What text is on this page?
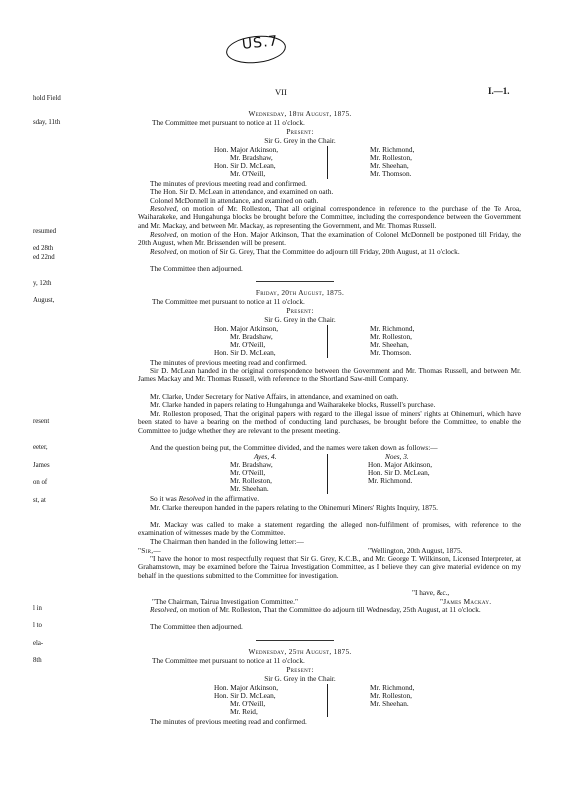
US.7
VII	I.—1.
hold Field
sday, 11th
resumed
ed 28th
ed 22nd
y, 12th
August,
resent
eeter,
James
on of
st, at
l in
l to
ela-
8th
Wednesday, 18th August, 1875.
The Committee met pursuant to notice at 11 o'clock.
Present:
Sir G. Grey in the Chair.
Hon. Major Atkinson,
Mr. Bradshaw,
Hon. Sir D. McLean,
Mr. O'Neill,
Mr. Richmond,
Mr. Rolleston,
Mr. Sheehan,
Mr. Thomson.
The minutes of previous meeting read and confirmed.
The Hon. Sir D. McLean in attendance, and examined on oath.
Colonel McDonnell in attendance, and examined on oath.
Resolved, on motion of Mr. Rolleston, That all original correspondence in reference to the purchase of the Te Aroa, Waiharakeke, and Hungahunga blocks be brought before the Committee, including the correspondence between the Government and Mr. Mackay, and between Mr. Mackay, as representing the Government, and Mr. Thomas Russell.
Resolved, on motion of the Hon. Major Atkinson, That the examination of Colonel McDonnell be postponed till Friday, the 20th August, when Mr. Brissenden will be present.
Resolved, on motion of Sir G. Grey, That the Committee do adjourn till Friday, 20th August, at 11 o'clock.
The Committee then adjourned.
Friday, 20th August, 1875.
The Committee met pursuant to notice at 11 o'clock.
Present:
Sir G. Grey in the Chair.
Hon. Major Atkinson,
Mr. Bradshaw,
Mr. O'Neill,
Hon. Sir D. McLean,
Mr. Richmond,
Mr. Rolleston,
Mr. Sheehan,
Mr. Thomson.
The minutes of previous meeting read and confirmed.
Sir D. McLean handed in the original correspondence between the Government and Mr. Thomas Russell, and between Mr. James Mackay and Mr. Thomas Russell, with reference to the Shortland Saw-mill Company.
Mr. Clarke, Under Secretary for Native Affairs, in attendance, and examined on oath.
Mr. Clarke handed in papers relating to Hungahunga and Waiharakeke blocks, Russell's purchase.
Mr. Rolleston proposed, That the original papers with regard to the illegal issue of miners' rights at Ohinemuri, which have been stated to have a bearing on the method of conducting land purchases, be brought before the Committee, to enable the Committee to judge whether they are relevant to the present meeting.
And the question being put, the Committee divided, and the names were taken down as follows:—
Ayes, 4.
Mr. Bradshaw,
Mr. O'Neill,
Mr. Rolleston,
Mr. Sheehan.
Noes, 3.
Hon. Major Atkinson,
Hon. Sir D. McLean,
Mr. Richmond.
So it was Resolved in the affirmative.
Mr. Clarke thereupon handed in the papers relating to the Ohinemuri Miners' Rights Inquiry, 1875.
Mr. Mackay was called to make a statement regarding the alleged non-fulfilment of promises, with reference to the examination of witnesses made by the Committee.
The Chairman then handed in the following letter:—
"Sir,—	"Wellington, 20th August, 1875.
"I have the honor to most respectfully request that Sir G. Grey, K.C.B., and Mr. George T. Wilkinson, Licensed Interpreter, at Grahamstown, may be examined before the Tairua Investigation Committee, as I believe they can give material evidence on my behalf in the questions submitted to the Committee for investigation.
"I have, &c.,
"The Chairman, Tairua Investigation Committee."	"James Mackay.
Resolved, on motion of Mr. Rolleston, That the Committee do adjourn till Wednesday, 25th August, at 11 o'clock.
The Committee then adjourned.
Wednesday, 25th August, 1875.
The Committee met pursuant to notice at 11 o'clock.
Present:
Sir G. Grey in the Chair.
Hon. Major Atkinson,
Hon. Sir D. McLean,
Mr. O'Neill,
Mr. Reid,
Mr. Richmond,
Mr. Rolleston,
Mr. Sheehan.
The minutes of previous meeting read and confirmed.
